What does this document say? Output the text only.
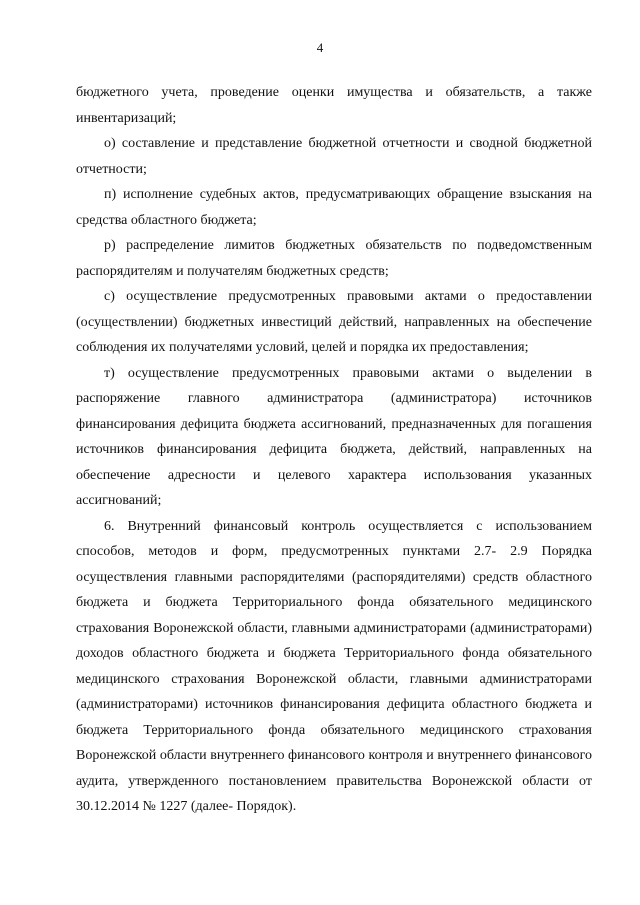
4

бюджетного учета, проведение оценки имущества и обязательств, а также инвентаризаций;

о) составление и представление бюджетной отчетности и сводной бюджетной отчетности;

п) исполнение судебных актов, предусматривающих обращение взыскания на средства областного бюджета;

р) распределение лимитов бюджетных обязательств по подведомственным распорядителям и получателям бюджетных средств;

с) осуществление предусмотренных правовыми актами о предоставлении (осуществлении) бюджетных инвестиций действий, направленных на обеспечение соблюдения их получателями условий, целей и порядка их предоставления;

т) осуществление предусмотренных правовыми актами о выделении в распоряжение главного администратора (администратора) источников финансирования дефицита бюджета ассигнований, предназначенных для погашения источников финансирования дефицита бюджета, действий, направленных на обеспечение адресности и целевого характера использования указанных ассигнований;

6. Внутренний финансовый контроль осуществляется с использованием способов, методов и форм, предусмотренных пунктами 2.7- 2.9 Порядка осуществления главными распорядителями (распорядителями) средств областного бюджета и бюджета Территориального фонда обязательного медицинского страхования Воронежской области, главными администраторами (администраторами) доходов областного бюджета и бюджета Территориального фонда обязательного медицинского страхования Воронежской области, главными администраторами (администраторами) источников финансирования дефицита областного бюджета и бюджета Территориального фонда обязательного медицинского страхования Воронежской области внутреннего финансового контроля и внутреннего финансового аудита, утвержденного постановлением правительства Воронежской области от 30.12.2014 № 1227 (далее- Порядок).
